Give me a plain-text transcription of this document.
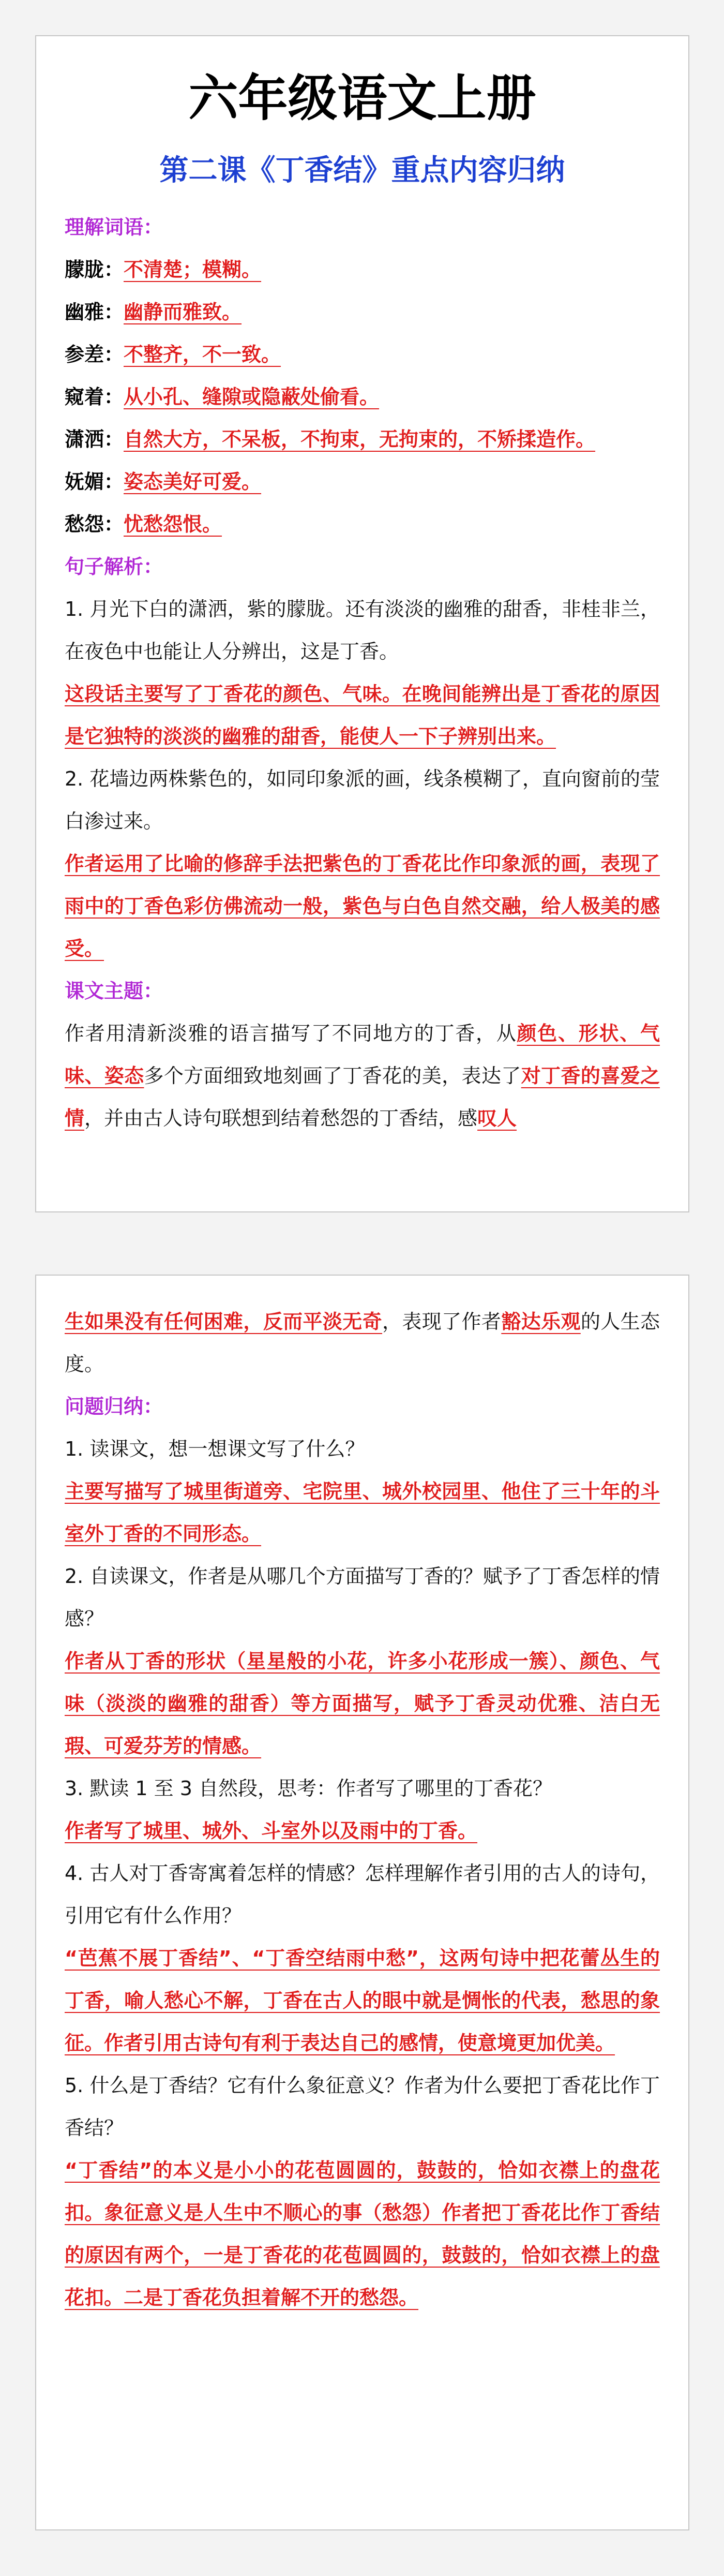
六年级语文上册
第二课《丁香结》重点内容归纳
理解词语：
朦胧：不清楚；模糊。
幽雅：幽静而雅致。
参差：不整齐，不一致。
窥着：从小孔、缝隙或隐蔽处偷看。
潇洒：自然大方，不呆板，不拘束，无拘束的，不矫揉造作。
妩媚：姿态美好可爱。
愁怨：忧愁怨恨。
句子解析：
1. 月光下白的潇洒，紫的朦胧。还有淡淡的幽雅的甜香，非桂非兰，在夜色中也能让人分辨出，这是丁香。
这段话主要写了丁香花的颜色、气味。在晚间能辨出是丁香花的原因是它独特的淡淡的幽雅的甜香，能使人一下子辨别出来。
2. 花墙边两株紫色的，如同印象派的画，线条模糊了，直向窗前的莹白渗过来。
作者运用了比喻的修辞手法把紫色的丁香花比作印象派的画，表现了雨中的丁香色彩仿佛流动一般，紫色与白色自然交融，给人极美的感受。
课文主题：
作者用清新淡雅的语言描写了不同地方的丁香，从颜色、形状、气味、姿态多个方面细致地刻画了丁香花的美，表达了对丁香的喜爱之情，并由古人诗句联想到结着愁怨的丁香结，感叹人
生如果没有任何困难，反而平淡无奇，表现了作者豁达乐观的人生态度。
问题归纳：
1. 读课文，想一想课文写了什么？
主要写描写了城里街道旁、宅院里、城外校园里、他住了三十年的斗室外丁香的不同形态。
2. 自读课文，作者是从哪几个方面描写丁香的？赋予了丁香怎样的情感？
作者从丁香的形状（星星般的小花，许多小花形成一簇）、颜色、气味（淡淡的幽雅的甜香）等方面描写，赋予丁香灵动优雅、洁白无瑕、可爱芬芳的情感。
3. 默读 1 至 3 自然段，思考：作者写了哪里的丁香花？
作者写了城里、城外、斗室外以及雨中的丁香。
4. 古人对丁香寄寓着怎样的情感？怎样理解作者引用的古人的诗句，引用它有什么作用？
“芭蕉不展丁香结”、“丁香空结雨中愁”，这两句诗中把花蕾丛生的丁香，喻人愁心不解，丁香在古人的眼中就是惆怅的代表，愁思的象征。作者引用古诗句有利于表达自己的感情，使意境更加优美。
5. 什么是丁香结？它有什么象征意义？作者为什么要把丁香花比作丁香结？
“丁香结”的本义是小小的花苞圆圆的，鼓鼓的，恰如衣襟上的盘花扣。象征意义是人生中不顺心的事（愁怨）作者把丁香花比作丁香结的原因有两个，一是丁香花的花苞圆圆的，鼓鼓的，恰如衣襟上的盘花扣。二是丁香花负担着解不开的愁怨。
